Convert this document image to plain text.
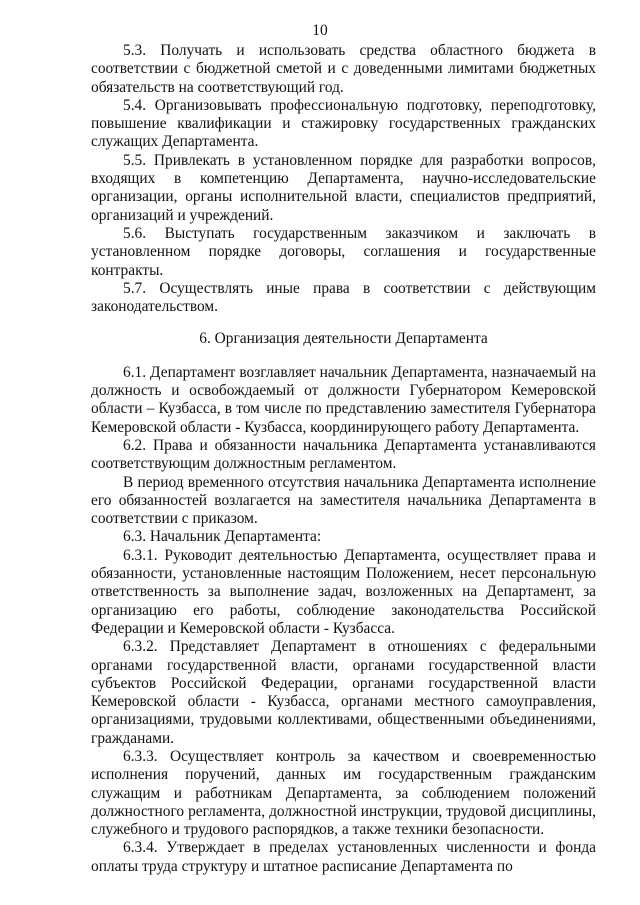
10

5.3. Получать и использовать средства областного бюджета в соответствии с бюджетной сметой и с доведенными лимитами бюджетных обязательств на соответствующий год.

5.4. Организовывать профессиональную подготовку, переподготовку, повышение квалификации и стажировку государственных гражданских служащих Департамента.

5.5. Привлекать в установленном порядке для разработки вопросов, входящих в компетенцию Департамента, научно-исследовательские организации, органы исполнительной власти, специалистов предприятий, организаций и учреждений.

5.6. Выступать государственным заказчиком и заключать в установленном порядке договоры, соглашения и государственные контракты.

5.7. Осуществлять иные права в соответствии с действующим законодательством.

6. Организация деятельности Департамента

6.1. Департамент возглавляет начальник Департамента, назначаемый на должность и освобождаемый от должности Губернатором Кемеровской области – Кузбасса, в том числе по представлению заместителя Губернатора Кемеровской области - Кузбасса, координирующего работу Департамента.

6.2. Права и обязанности начальника Департамента устанавливаются соответствующим должностным регламентом.

В период временного отсутствия начальника Департамента исполнение его обязанностей возлагается на заместителя начальника Департамента в соответствии с приказом.

6.3. Начальник Департамента:

6.3.1. Руководит деятельностью Департамента, осуществляет права и обязанности, установленные настоящим Положением, несет персональную ответственность за выполнение задач, возложенных на Департамент, за организацию его работы, соблюдение законодательства Российской Федерации и Кемеровской области - Кузбасса.

6.3.2. Представляет Департамент в отношениях с федеральными органами государственной власти, органами государственной власти субъектов Российской Федерации, органами государственной власти Кемеровской области - Кузбасса, органами местного самоуправления, организациями, трудовыми коллективами, общественными объединениями, гражданами.

6.3.3. Осуществляет контроль за качеством и своевременностью исполнения поручений, данных им государственным гражданским служащим и работникам Департамента, за соблюдением положений должностного регламента, должностной инструкции, трудовой дисциплины, служебного и трудового распорядков, а также техники безопасности.

6.3.4. Утверждает в пределах установленных численности и фонда оплаты труда структуру и штатное расписание Департамента по
